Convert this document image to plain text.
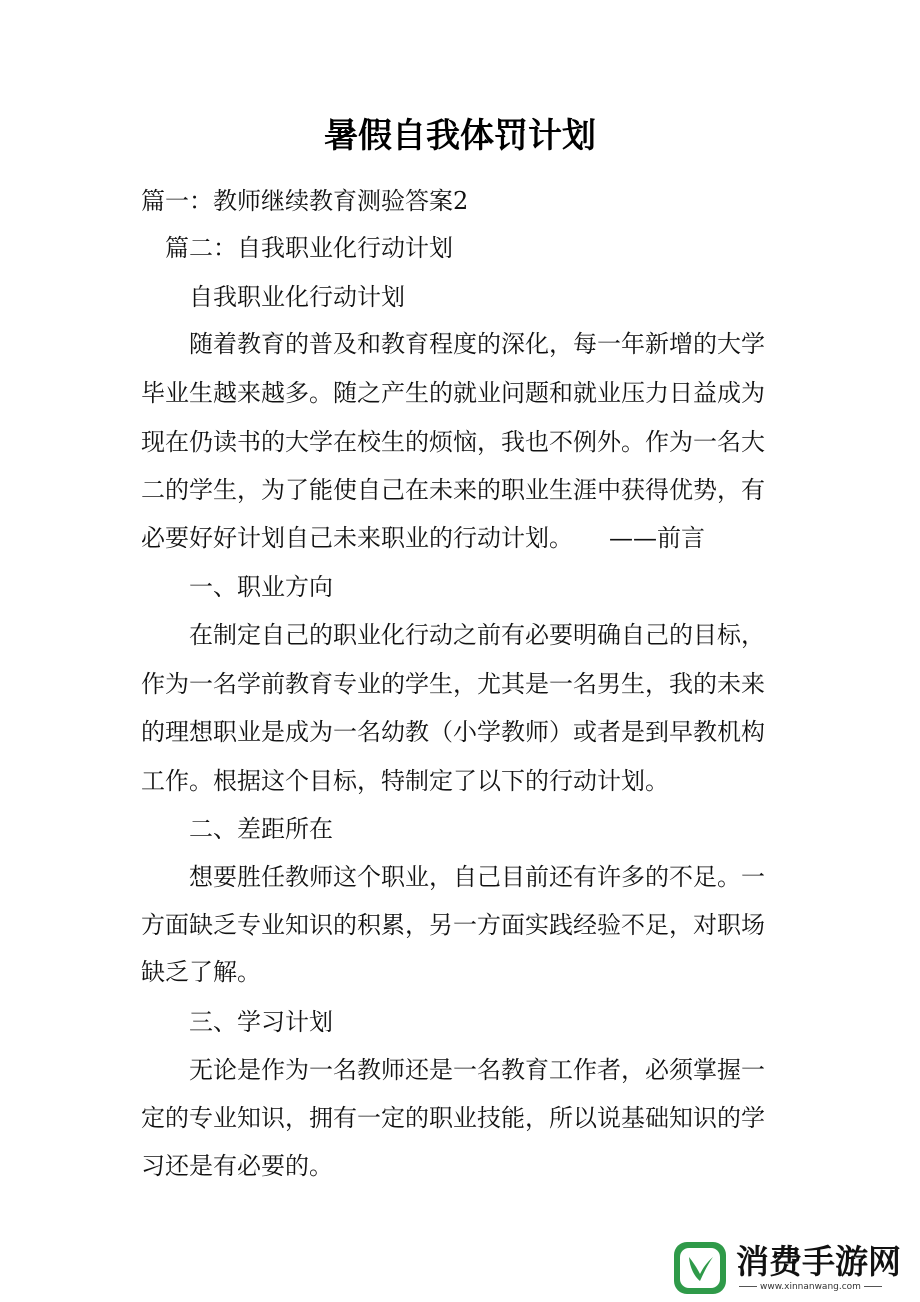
暑假自我体罚计划

篇一：教师继续教育测验答案2

篇二：自我职业化行动计划

自我职业化行动计划

随着教育的普及和教育程度的深化，每一年新增的大学

毕业生越来越多。随之产生的就业问题和就业压力日益成为

现在仍读书的大学在校生的烦恼，我也不例外。作为一名大

二的学生，为了能使自己在未来的职业生涯中获得优势，有

必要好好计划自己未来职业的行动计划。　　——前言

一、职业方向

在制定自己的职业化行动之前有必要明确自己的目标，

作为一名学前教育专业的学生，尤其是一名男生，我的未来

的理想职业是成为一名幼教（小学教师）或者是到早教机构

工作。根据这个目标，特制定了以下的行动计划。

二、差距所在

想要胜任教师这个职业，自己目前还有许多的不足。一

方面缺乏专业知识的积累，另一方面实践经验不足，对职场

缺乏了解。

三、学习计划

无论是作为一名教师还是一名教育工作者，必须掌握一

定的专业知识，拥有一定的职业技能，所以说基础知识的学

习还是有必要的。

消费手游网
www.xinnanwang.com
